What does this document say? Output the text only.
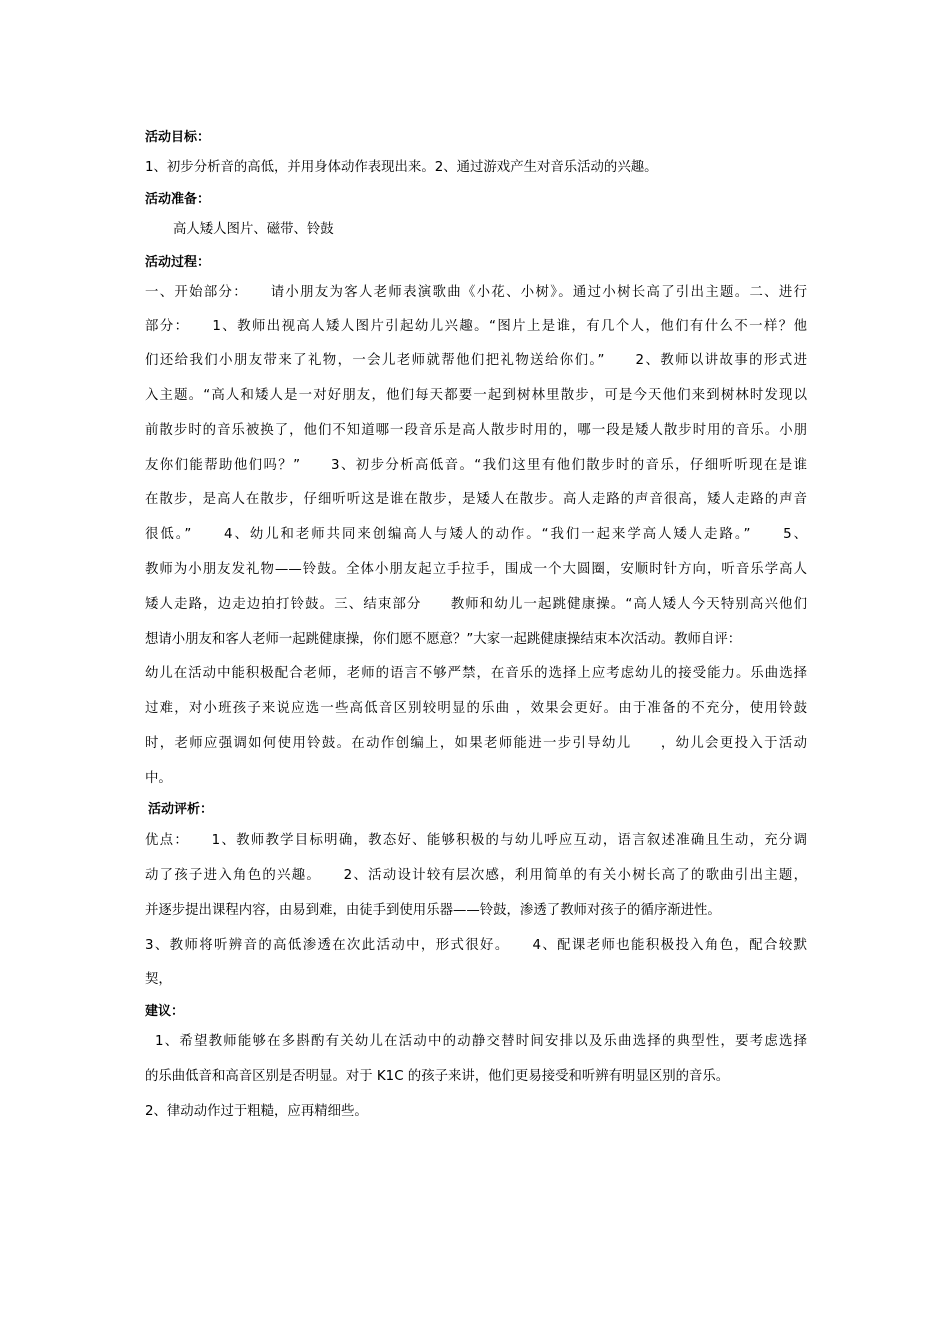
活动目标：
1、初步分析音的高低，并用身体动作表现出来。2、通过游戏产生对音乐活动的兴趣。
活动准备：
高人矮人图片、磁带、铃鼓
活动过程：
一、开始部分：　　请小朋友为客人老师表演歌曲《小花、小树》。通过小树长高了引出主题。二、进行
部分：　　1、教师出视高人矮人图片引起幼儿兴趣。“图片上是谁，有几个人，他们有什么不一样？他
们还给我们小朋友带来了礼物，一会儿老师就帮他们把礼物送给你们。”　　2、教师以讲故事的形式进
入主题。“高人和矮人是一对好朋友，他们每天都要一起到树林里散步，可是今天他们来到树林时发现以
前散步时的音乐被换了，他们不知道哪一段音乐是高人散步时用的，哪一段是矮人散步时用的音乐。小朋
友你们能帮助他们吗？”　　3、初步分析高低音。“我们这里有他们散步时的音乐，仔细听听现在是谁
在散步，是高人在散步，仔细听听这是谁在散步，是矮人在散步。高人走路的声音很高，矮人走路的声音
很低。”　　4、幼儿和老师共同来创编高人与矮人的动作。“我们一起来学高人矮人走路。”　　5、
教师为小朋友发礼物——铃鼓。全体小朋友起立手拉手，围成一个大圆圈，安顺时针方向，听音乐学高人
矮人走路，边走边拍打铃鼓。三、结束部分　　教师和幼儿一起跳健康操。“高人矮人今天特别高兴他们
想请小朋友和客人老师一起跳健康操，你们愿不愿意？”大家一起跳健康操结束本次活动。教师自评：
幼儿在活动中能积极配合老师，老师的语言不够严禁，在音乐的选择上应考虑幼儿的接受能力。乐曲选择
过难，对小班孩子来说应选一些高低音区别较明显的乐曲 ，效果会更好。由于准备的不充分，使用铃鼓
时，老师应强调如何使用铃鼓。在动作创编上，如果老师能进一步引导幼儿　　，幼儿会更投入于活动
中。
活动评析：
优点：　　1、教师教学目标明确，教态好、能够积极的与幼儿呼应互动，语言叙述准确且生动，充分调
动了孩子进入角色的兴趣。　　2、活动设计较有层次感，利用简单的有关小树长高了的歌曲引出主题，
并逐步提出课程内容，由易到难，由徒手到使用乐器——铃鼓，渗透了教师对孩子的循序渐进性。
3、教师将听辨音的高低渗透在次此活动中，形式很好。　　4、配课老师也能积极投入角色，配合较默
契，
建议：
1、希望教师能够在多斟酌有关幼儿在活动中的动静交替时间安排以及乐曲选择的典型性，要考虑选择
的乐曲低音和高音区别是否明显。对于 K1C 的孩子来讲，他们更易接受和听辨有明显区别的音乐。
2、律动动作过于粗糙，应再精细些。
